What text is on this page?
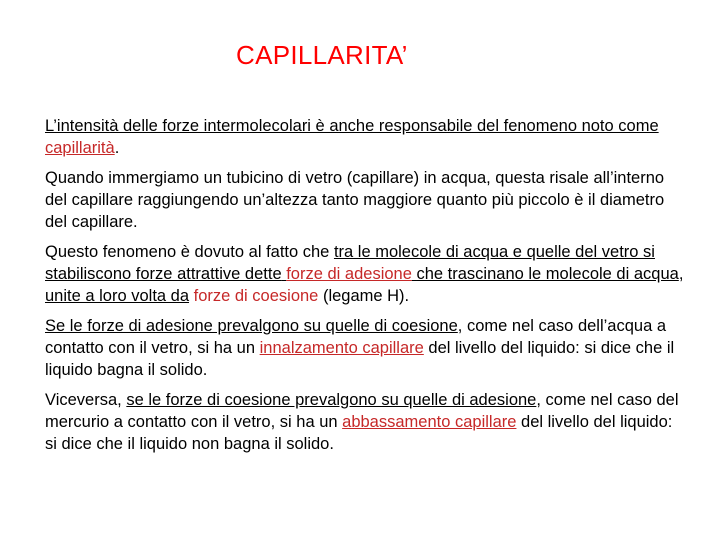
CAPILLARITA’

L’intensità delle forze intermolecolari è anche responsabile del fenomeno noto come capillarità.

Quando immergiamo un tubicino di vetro (capillare) in acqua, questa risale all’interno del capillare raggiungendo un’altezza tanto maggiore quanto più piccolo è il diametro del capillare.

Questo fenomeno è dovuto al fatto che tra le molecole di acqua e quelle del vetro si stabiliscono forze attrattive dette forze di adesione che trascinano le molecole di acqua, unite a loro volta da forze di coesione (legame H).

Se le forze di adesione prevalgono su quelle di coesione, come nel caso dell’acqua a contatto con il vetro, si ha un innalzamento capillare del livello del liquido: si dice che il liquido bagna il solido.

Viceversa, se le forze di coesione prevalgono su quelle di adesione, come nel caso del mercurio a contatto con il vetro, si ha un abbassamento capillare del livello del liquido: si dice che il liquido non bagna il solido.
